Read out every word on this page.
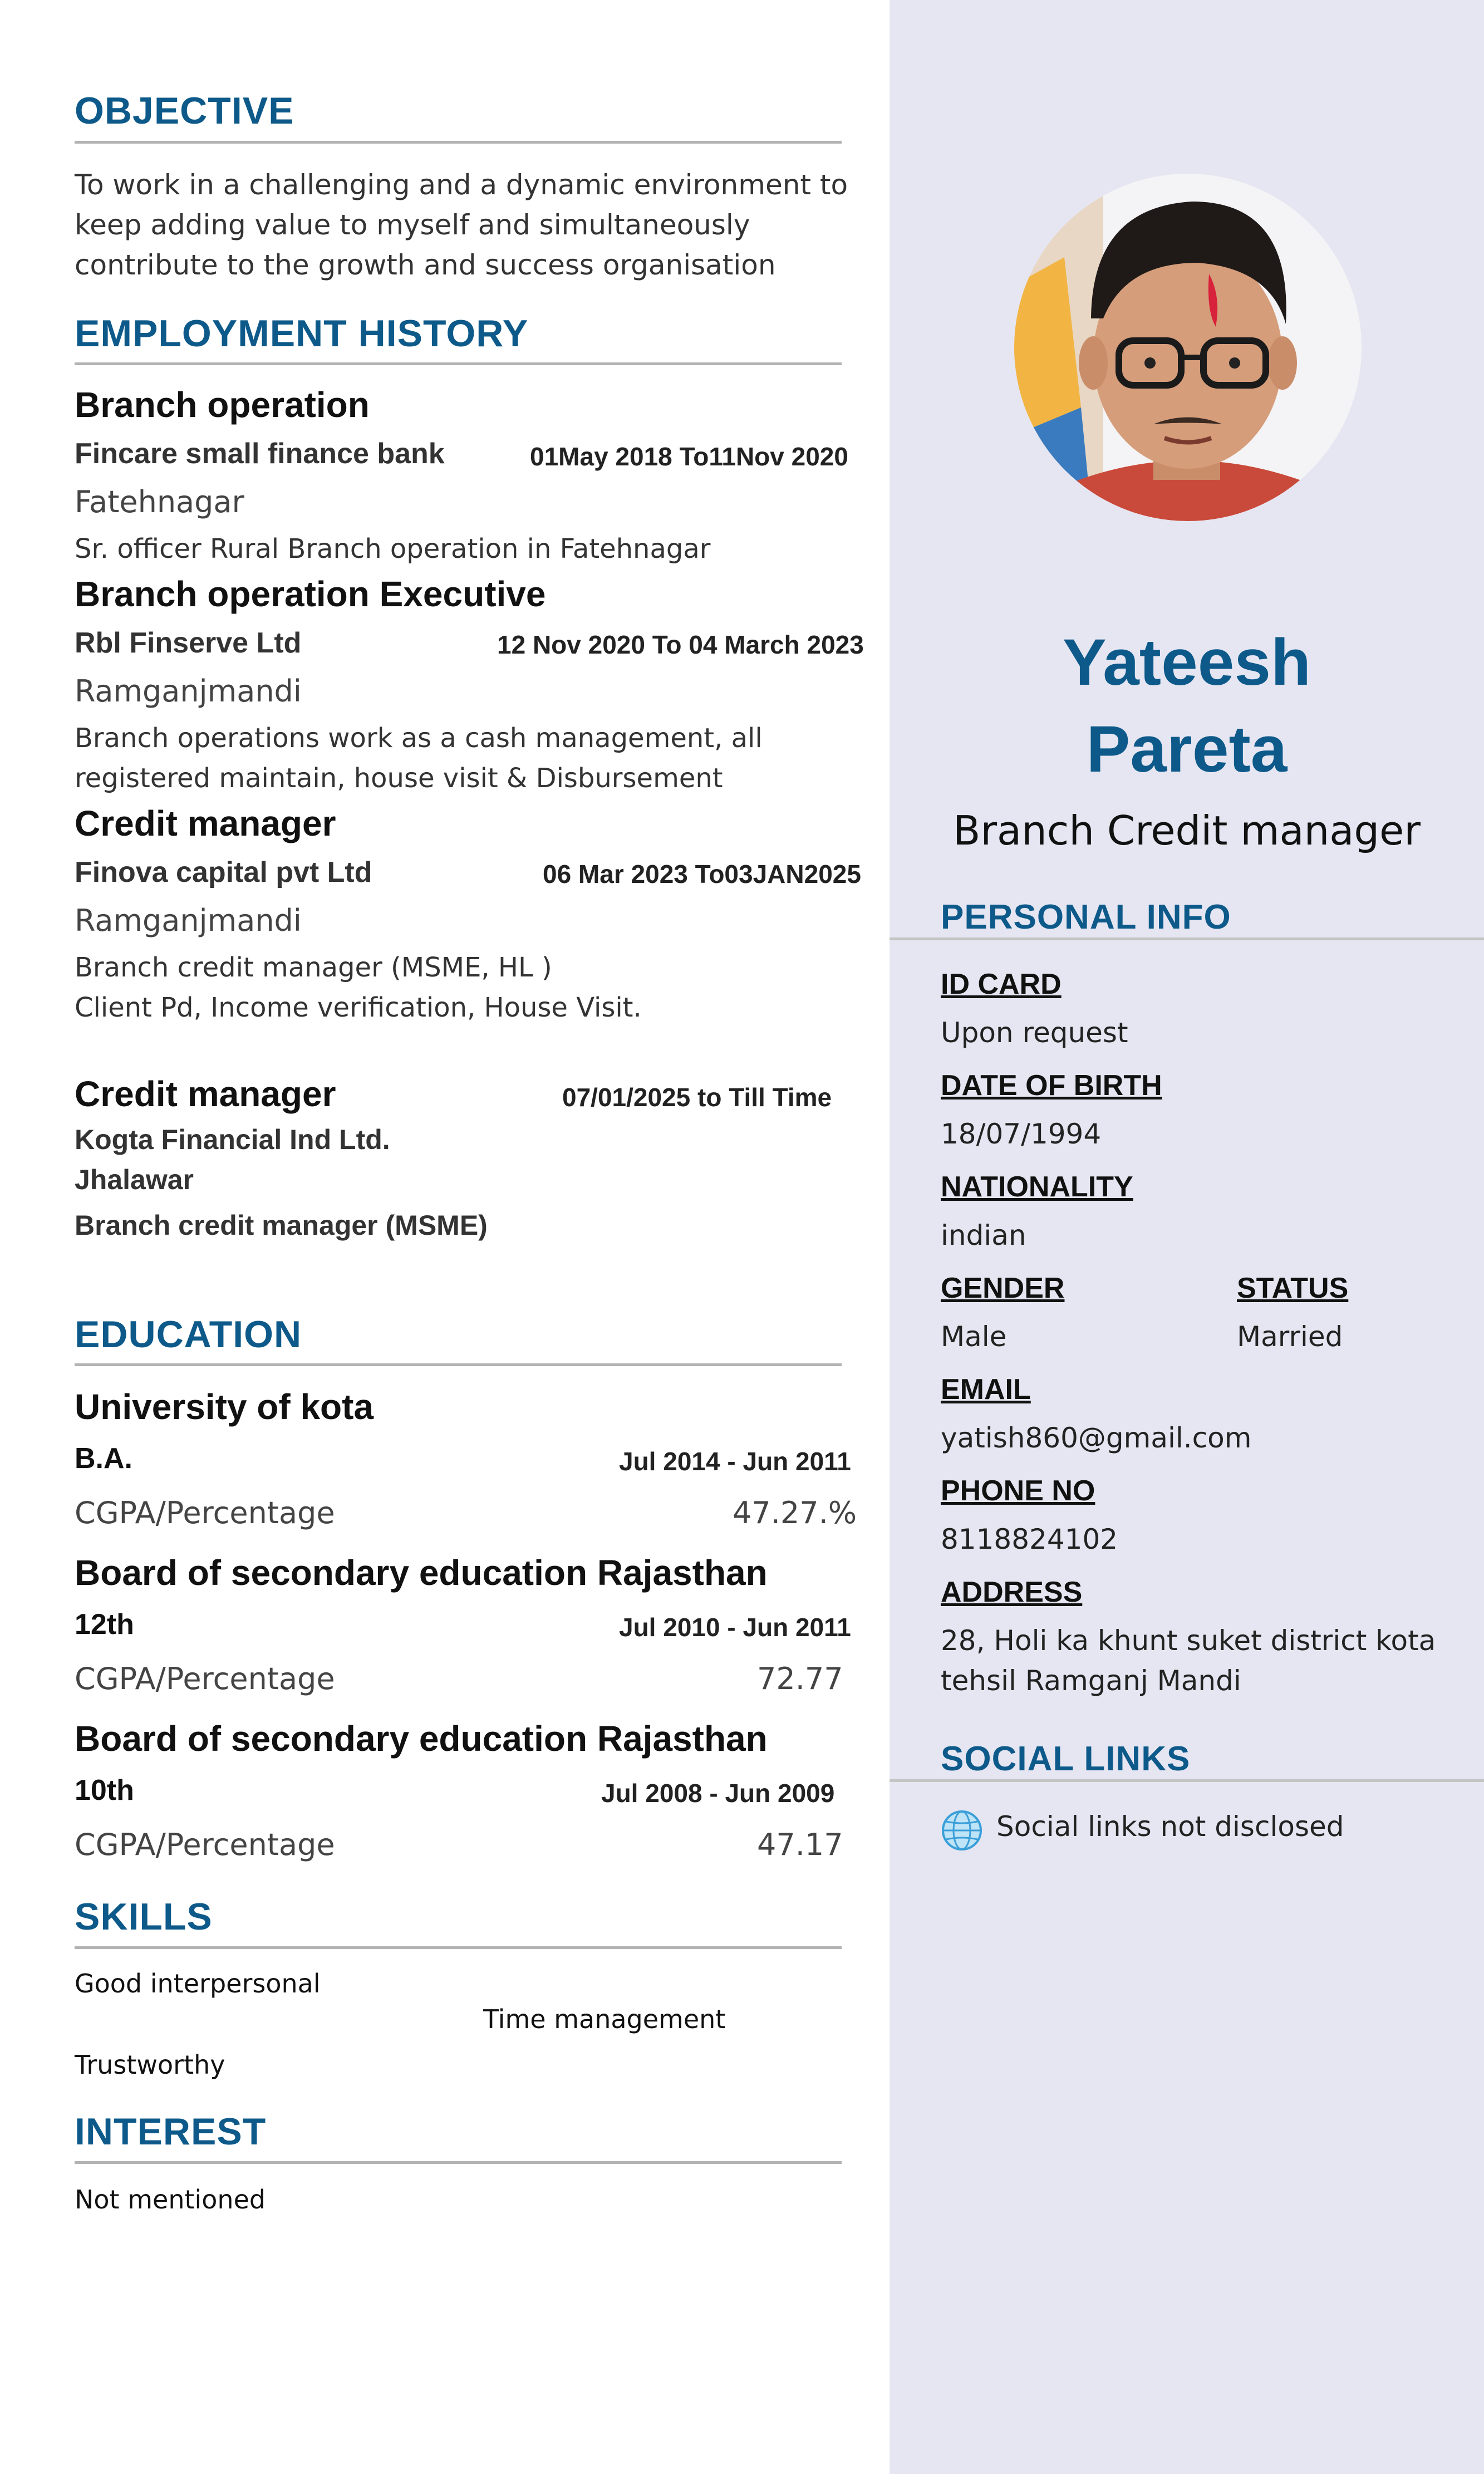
OBJECTIVE
To work in a challenging and a dynamic environment to
keep adding value to myself and simultaneously
contribute to the growth and success organisation
EMPLOYMENT HISTORY
Branch operation
Fincare small finance bank	01May 2018 To11Nov 2020
Fatehnagar
Sr. officer Rural Branch operation in Fatehnagar
Branch operation Executive
Rbl Finserve Ltd	12 Nov 2020 To 04 March 2023
Ramganjmandi
Branch operations work as a cash management, all
registered maintain, house visit & Disbursement
Credit manager
Finova capital pvt Ltd	06 Mar 2023 To03JAN2025
Ramganjmandi
Branch credit manager (MSME, HL )
Client Pd, Income verification, House Visit.
Credit manager	07/01/2025 to Till Time
Kogta Financial Ind Ltd.
Jhalawar
Branch credit manager (MSME)
EDUCATION
University of kota
B.A.	Jul 2014 - Jun 2011
CGPA/Percentage	47.27.%
Board of secondary education Rajasthan
12th	Jul 2010 - Jun 2011
CGPA/Percentage	72.77
Board of secondary education Rajasthan
10th	Jul 2008 - Jun 2009
CGPA/Percentage	47.17
SKILLS
Good interpersonal
Time management
Trustworthy
INTEREST
Not mentioned
Yateesh
Pareta
Branch Credit manager
PERSONAL INFO
ID CARD
Upon request
DATE OF BIRTH
18/07/1994
NATIONALITY
indian
GENDER
Male
STATUS
Married
EMAIL
yatish860@gmail.com
PHONE NO
8118824102
ADDRESS
28, Holi ka khunt suket district kota
tehsil Ramganj Mandi
SOCIAL LINKS
Social links not disclosed
